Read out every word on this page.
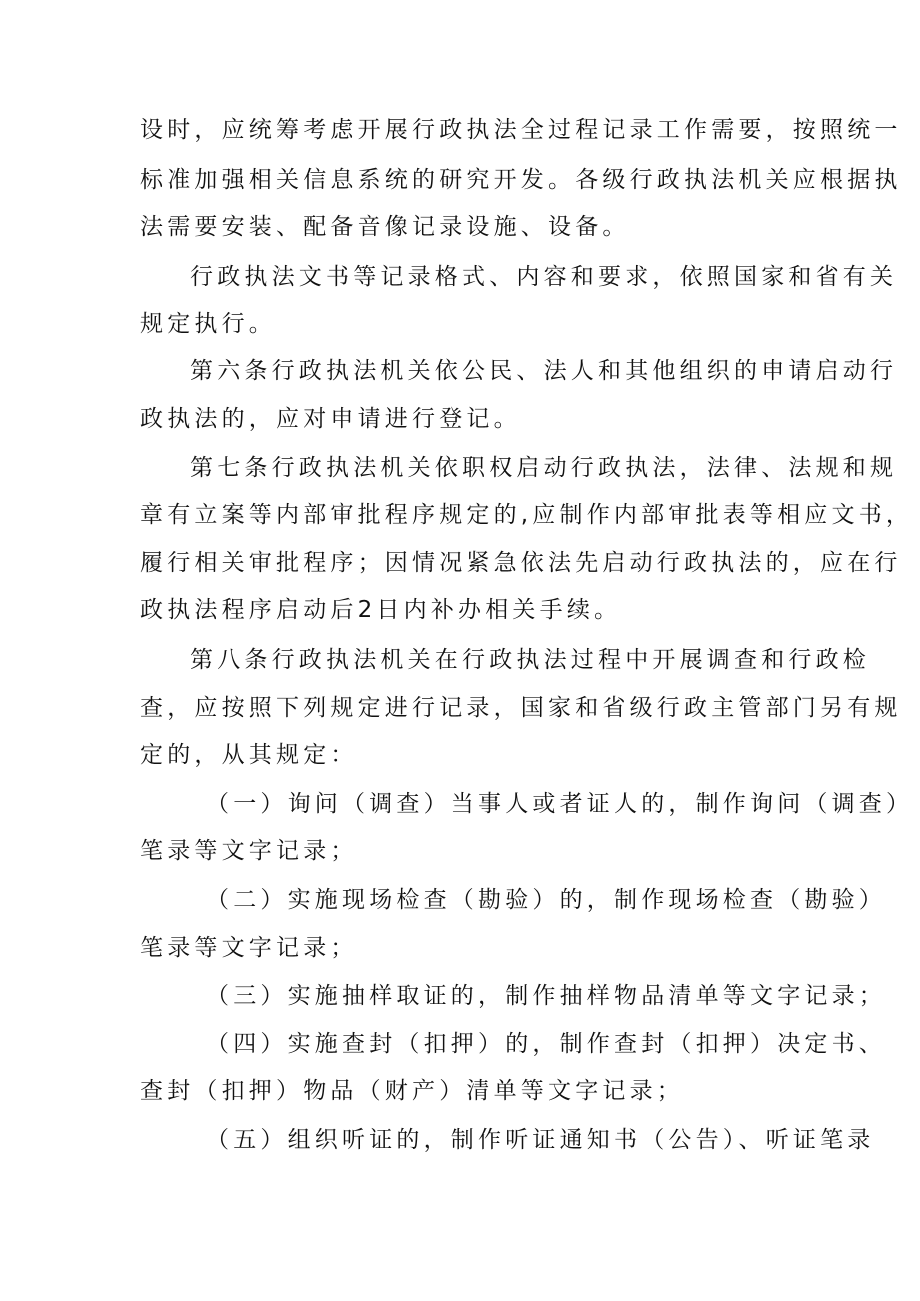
设时，应统筹考虑开展行政执法全过程记录工作需要，按照统一
标准加强相关信息系统的研究开发。各级行政执法机关应根据执
法需要安装、配备音像记录设施、设备。
行政执法文书等记录格式、内容和要求，依照国家和省有关
规定执行。
第六条行政执法机关依公民、法人和其他组织的申请启动行
政执法的，应对申请进行登记。
第七条行政执法机关依职权启动行政执法，法律、法规和规
章有立案等内部审批程序规定的,应制作内部审批表等相应文书，
履行相关审批程序；因情况紧急依法先启动行政执法的，应在行
政执法程序启动后2日内补办相关手续。
第八条行政执法机关在行政执法过程中开展调查和行政检
查，应按照下列规定进行记录，国家和省级行政主管部门另有规
定的，从其规定：
（一）询问（调查）当事人或者证人的，制作询问（调查）
笔录等文字记录；
（二）实施现场检查（勘验）的，制作现场检查（勘验）
笔录等文字记录；
（三）实施抽样取证的，制作抽样物品清单等文字记录；
（四）实施查封（扣押）的，制作查封（扣押）决定书、
查封（扣押）物品（财产）清单等文字记录；
（五）组织听证的，制作听证通知书（公告）、听证笔录
